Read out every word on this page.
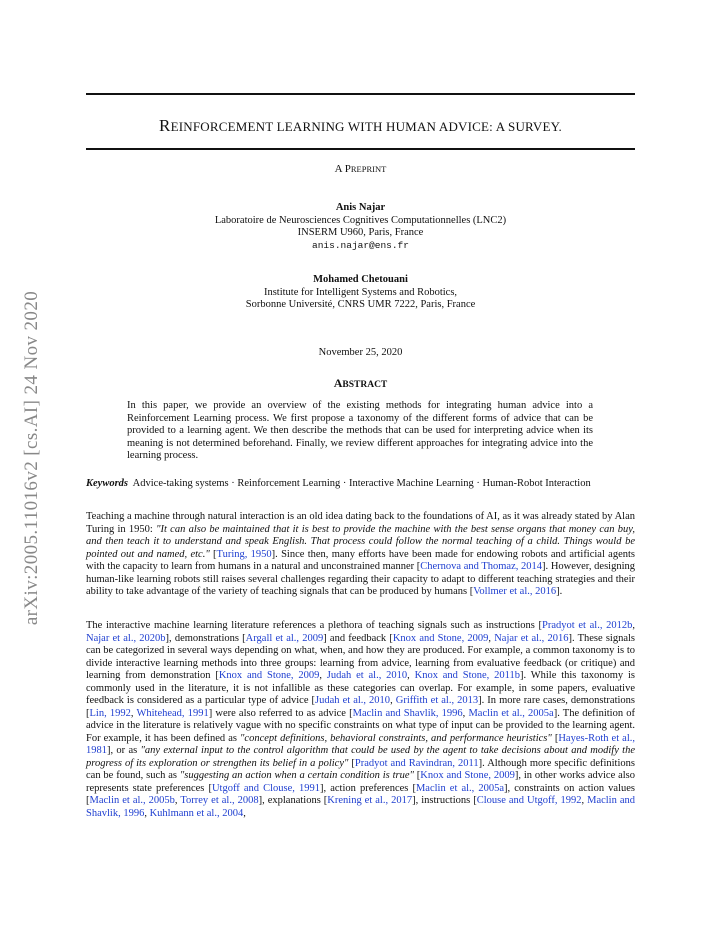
arXiv:2005.11016v2 [cs.AI] 24 Nov 2020
REINFORCEMENT LEARNING WITH HUMAN ADVICE: A SURVEY.
A PREPRINT
Anis Najar
Laboratoire de Neurosciences Cognitives Computationnelles (LNC2)
INSERM U960, Paris, France
anis.najar@ens.fr
Mohamed Chetouani
Institute for Intelligent Systems and Robotics,
Sorbonne Université, CNRS UMR 7222, Paris, France
November 25, 2020
ABSTRACT
In this paper, we provide an overview of the existing methods for integrating human advice into a Reinforcement Learning process. We first propose a taxonomy of the different forms of advice that can be provided to a learning agent. We then describe the methods that can be used for interpreting advice when its meaning is not determined beforehand. Finally, we review different approaches for integrating advice into the learning process.
Keywords Advice-taking systems · Reinforcement Learning · Interactive Machine Learning · Human-Robot Interaction
Teaching a machine through natural interaction is an old idea dating back to the foundations of AI, as it was already stated by Alan Turing in 1950: "It can also be maintained that it is best to provide the machine with the best sense organs that money can buy, and then teach it to understand and speak English. That process could follow the normal teaching of a child. Things would be pointed out and named, etc." [Turing, 1950]. Since then, many efforts have been made for endowing robots and artificial agents with the capacity to learn from humans in a natural and unconstrained manner [Chernova and Thomaz, 2014]. However, designing human-like learning robots still raises several challenges regarding their capacity to adapt to different teaching strategies and their ability to take advantage of the variety of teaching signals that can be produced by humans [Vollmer et al., 2016].
The interactive machine learning literature references a plethora of teaching signals such as instructions [Pradyot et al., 2012b, Najar et al., 2020b], demonstrations [Argall et al., 2009] and feedback [Knox and Stone, 2009, Najar et al., 2016]. These signals can be categorized in several ways depending on what, when, and how they are produced. For example, a common taxonomy is to divide interactive learning methods into three groups: learning from advice, learning from evaluative feedback (or critique) and learning from demonstration [Knox and Stone, 2009, Judah et al., 2010, Knox and Stone, 2011b]. While this taxonomy is commonly used in the literature, it is not infallible as these categories can overlap. For example, in some papers, evaluative feedback is considered as a particular type of advice [Judah et al., 2010, Griffith et al., 2013]. In more rare cases, demonstrations [Lin, 1992, Whitehead, 1991] were also referred to as advice [Maclin and Shavlik, 1996, Maclin et al., 2005a]. The definition of advice in the literature is relatively vague with no specific constraints on what type of input can be provided to the learning agent. For example, it has been defined as "concept definitions, behavioral constraints, and performance heuristics" [Hayes-Roth et al., 1981], or as "any external input to the control algorithm that could be used by the agent to take decisions about and modify the progress of its exploration or strengthen its belief in a policy" [Pradyot and Ravindran, 2011]. Although more specific definitions can be found, such as "suggesting an action when a certain condition is true" [Knox and Stone, 2009], in other works advice also represents state preferences [Utgoff and Clouse, 1991], action preferences [Maclin et al., 2005a], constraints on action values [Maclin et al., 2005b, Torrey et al., 2008], explanations [Krening et al., 2017], instructions [Clouse and Utgoff, 1992, Maclin and Shavlik, 1996, Kuhlmann et al., 2004,
